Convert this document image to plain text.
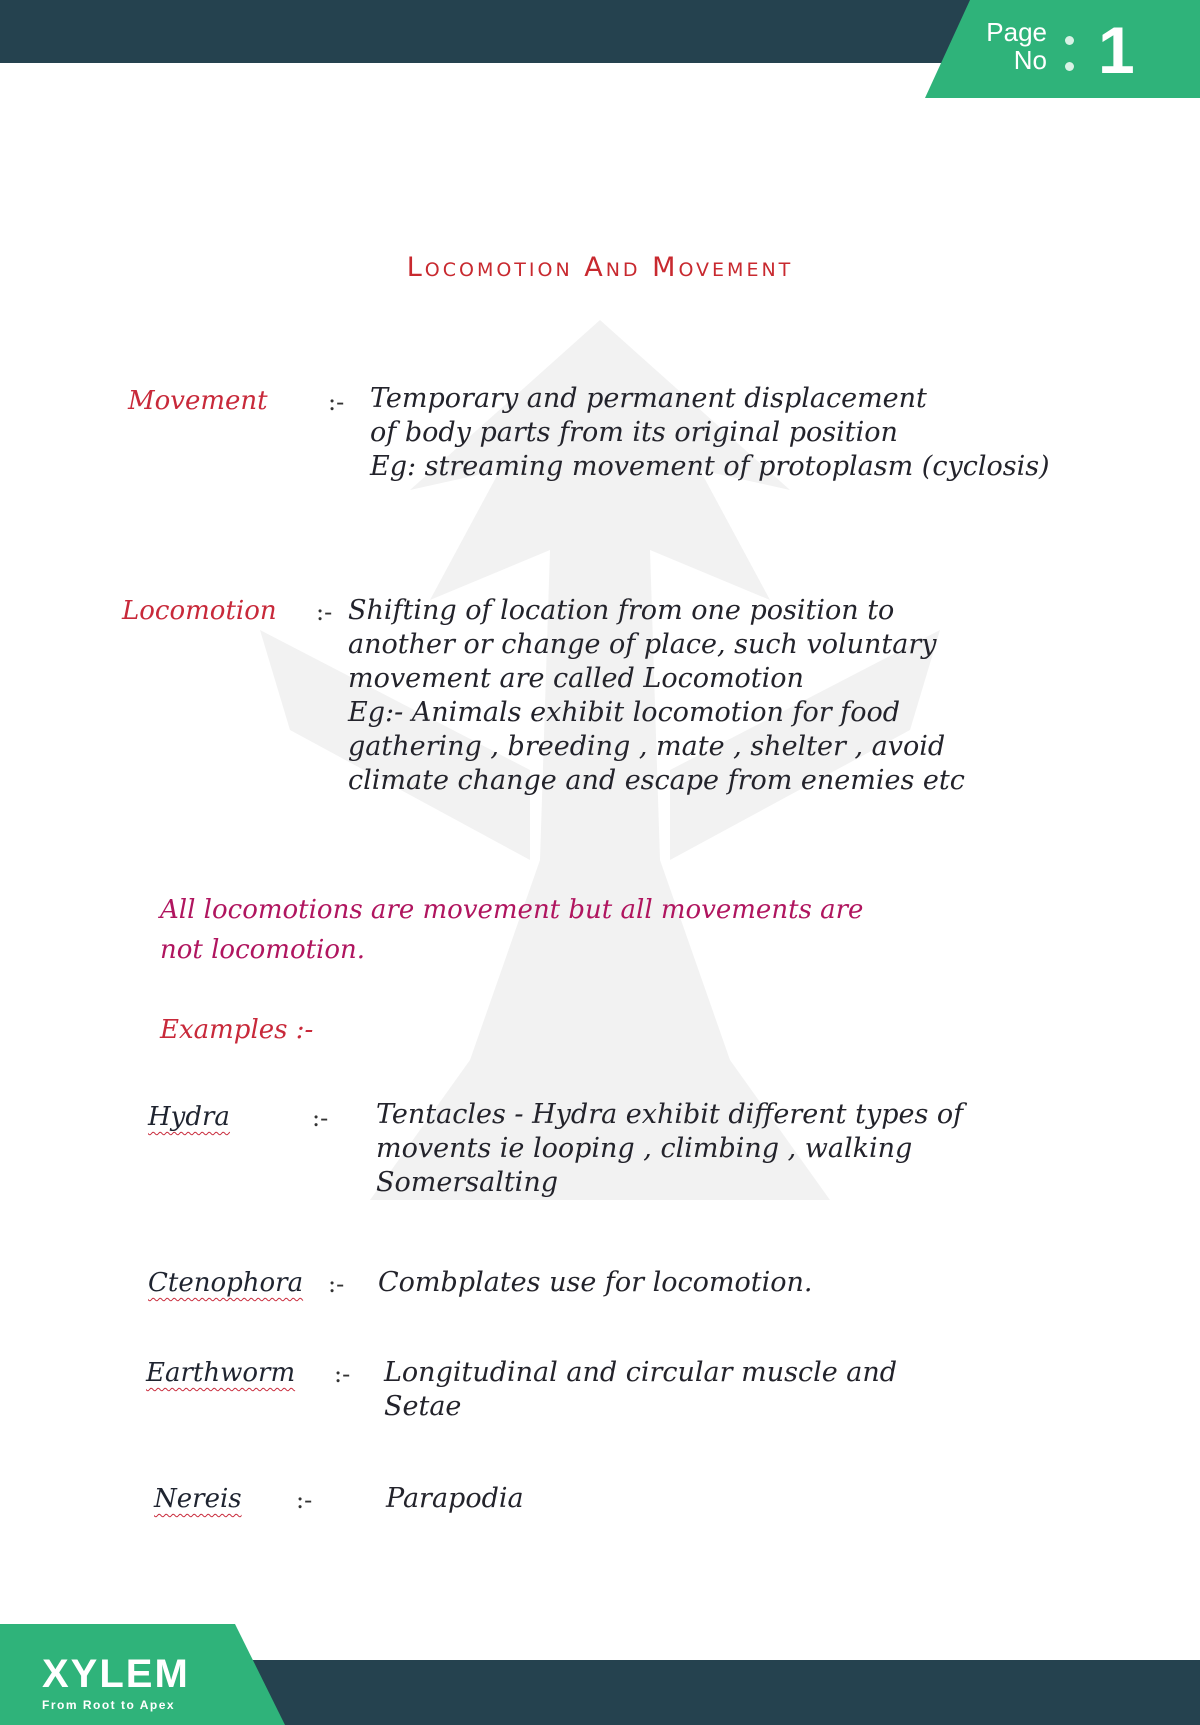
Page
No 1
Locomotion And Movement
Movement	:- Temporary and permanent displacement
of body parts from its original position
Eg: streaming movement of protoplasm (cyclosis)
Locomotion :- Shifting of location from one position to
another or change of place, such voluntary
movement are called Locomotion
Eg:- Animals exhibit locomotion for food
gathering , breeding , mate , shelter , avoid
climate change and escape from enemies etc
All locomotions are movement but all movements are
not locomotion.
Examples :-
Hydra	:- Tentacles - Hydra exhibit different types of
movents ie looping , climbing , walking
Somersalting
Ctenophora :- Combplates use for locomotion.
Earthworm :- Longitudinal and circular muscle and
Setae
Nereis :-	Parapodia
XYLEM
From Root to Apex
